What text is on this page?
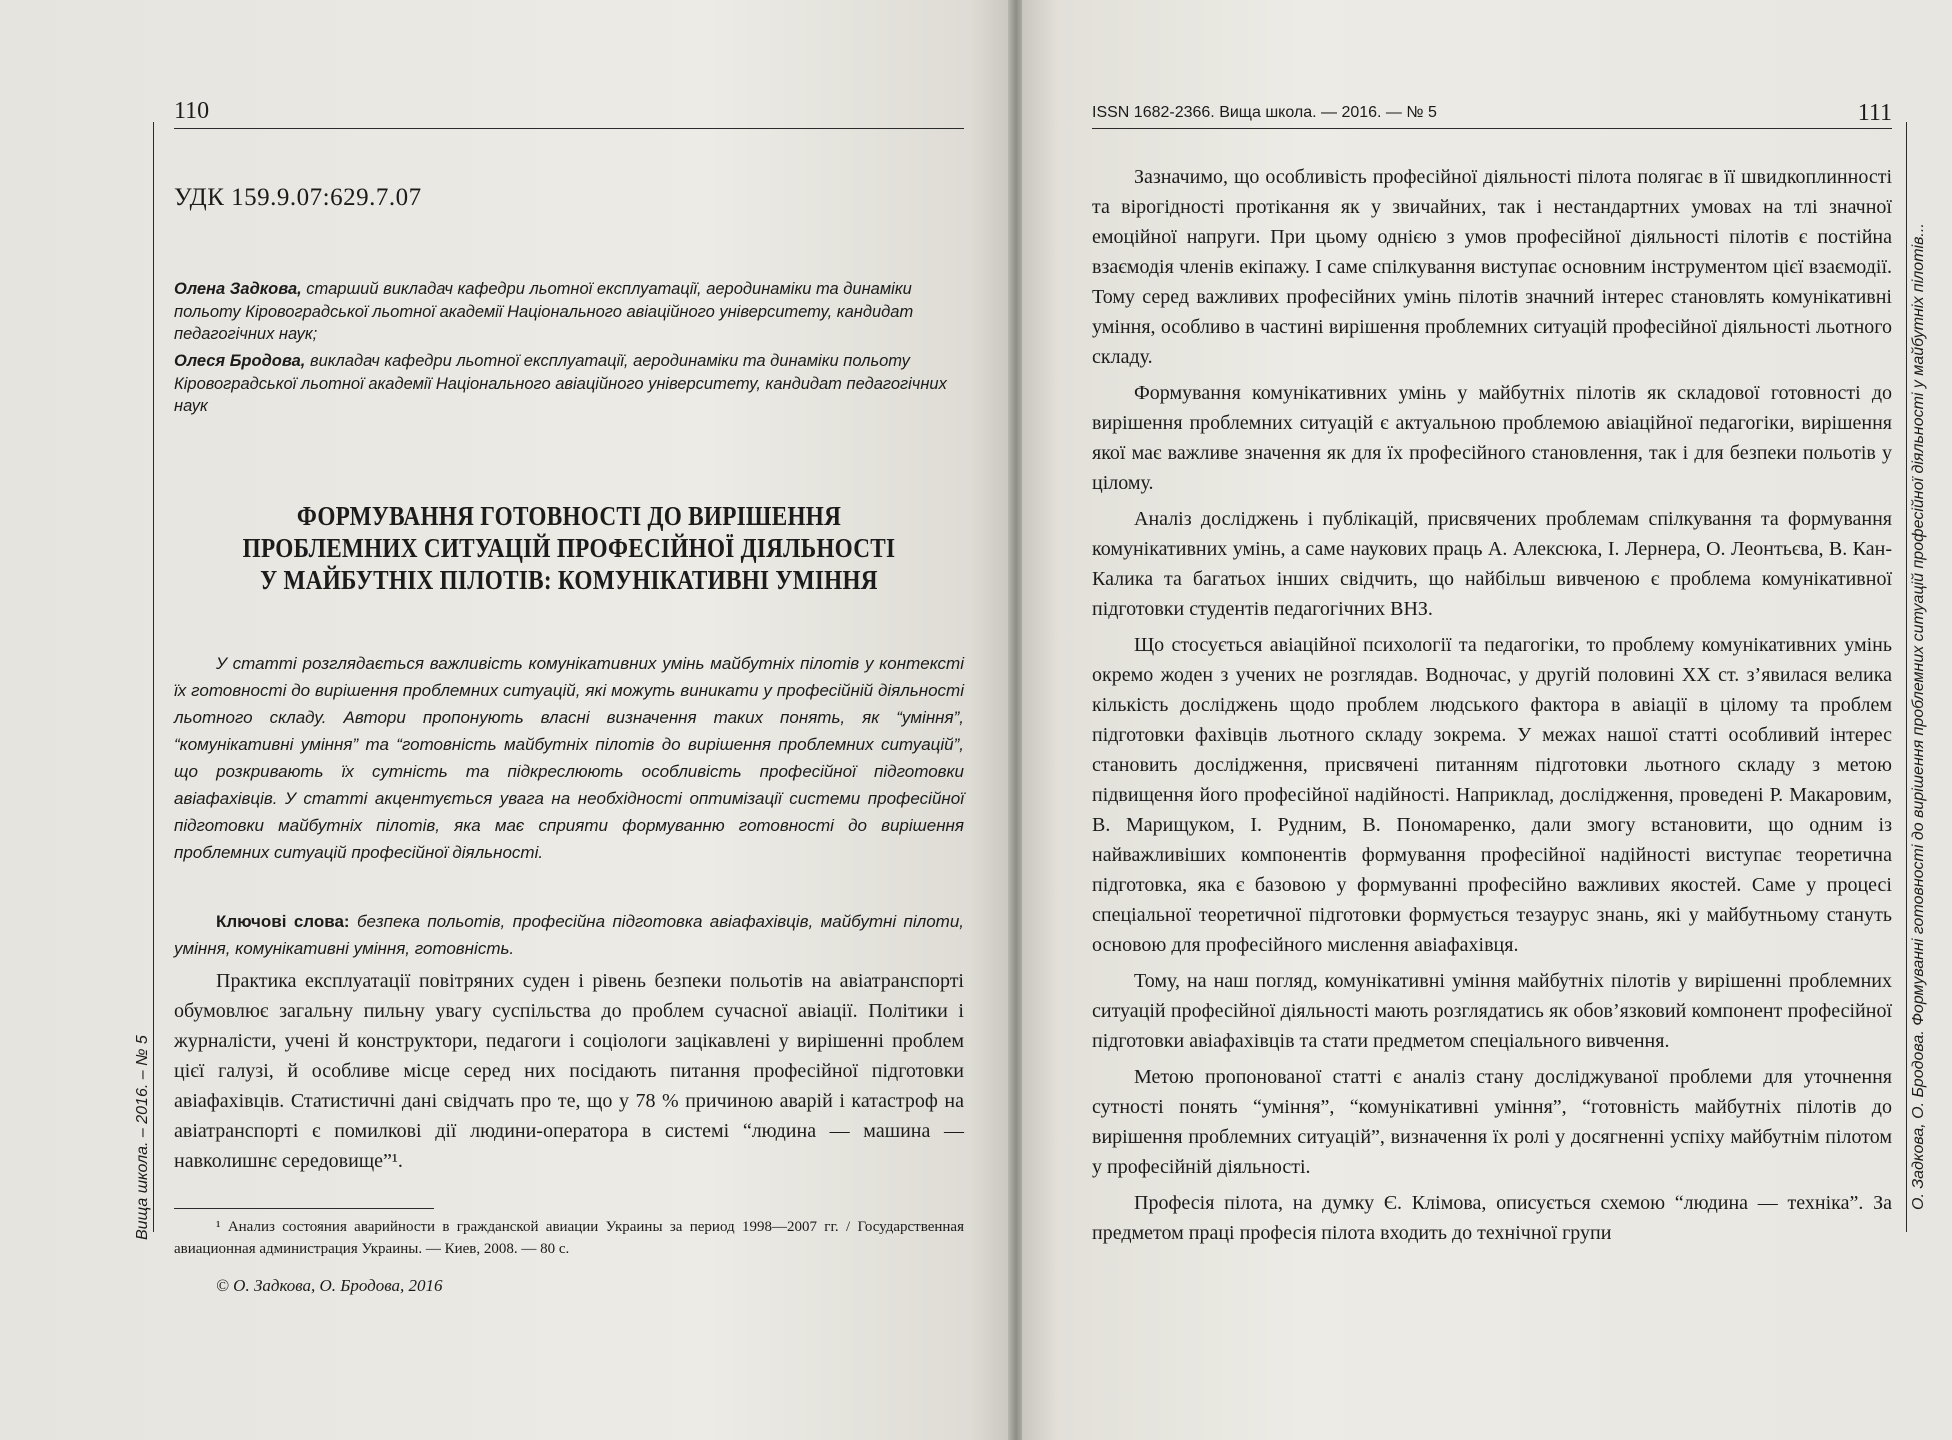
110
Вища школа. – 2016. – № 5
УДК 159.9.07:629.7.07
Олена Задкова, старший викладач кафедри льотної експлуатації, аеродинаміки та динаміки польоту Кіровоградської льотної академії Національного авіаційного університету, кандидат педагогічних наук;
Олеся Бродова, викладач кафедри льотної експлуатації, аеродинаміки та динаміки польоту Кіровоградської льотної академії Національного авіаційного університету, кандидат педагогічних наук
ФОРМУВАННЯ ГОТОВНОСТІ ДО ВИРІШЕННЯ
ПРОБЛЕМНИХ СИТУАЦІЙ ПРОФЕСІЙНОЇ ДІЯЛЬНОСТІ
У МАЙБУТНІХ ПІЛОТІВ: КОМУНІКАТИВНІ УМІННЯ
У статті розглядається важливість комунікативних умінь майбутніх пілотів у контексті їх готовності до вирішення проблемних ситуацій, які можуть виникати у професійній діяльності льотного складу. Автори пропонують власні визначення таких понять, як “уміння”, “комунікативні уміння” та “готовність майбутніх пілотів до вирішення проблемних ситуацій”, що розкривають їх сутність та підкреслюють особливість професійної підготовки авіафахівців. У статті акцентується увага на необхідності оптимізації системи професійної підготовки майбутніх пілотів, яка має сприяти формуванню готовності до вирішення проблемних ситуацій професійної діяльності.
Ключові слова: безпека польотів, професійна підготовка авіафахівців, майбутні пілоти, уміння, комунікативні уміння, готовність.

Практика експлуатації повітряних суден і рівень безпеки польотів на авіатранспорті обумовлює загальну пильну увагу суспільства до проблем сучасної авіації. Політики і журналісти, учені й конструктори, педагоги і соціологи зацікавлені у вирішенні проблем цієї галузі, й особливе місце серед них посідають питання професійної підготовки авіафахівців. Статистичні дані свідчать про те, що у 78 % причиною аварій і катастроф на авіатранспорті є помилкові дії людини-оператора в системі “людина — машина — навколишнє середовище”¹.

¹ Анализ состояния аварийности в гражданской авиации Украины за период 1998—2007 гг. / Государственная авиационная администрация Украины. — Киев, 2008. — 80 с.
© О. Задкова, О. Бродова, 2016
ISSN 1682-2366. Вища школа. — 2016. — № 5	111
О. Задкова, О. Бродова. Формуванні готовності до вирішення проблемних ситуацій професійної діяльності у майбутніх пілотів...

Зазначимо, що особливість професійної діяльності пілота полягає в її швидкоплинності та вірогідності протікання як у звичайних, так і нестандартних умовах на тлі значної емоційної напруги. При цьому однією з умов професійної діяльності пілотів є постійна взаємодія членів екіпажу. І саме спілкування виступає основним інструментом цієї взаємодії. Тому серед важливих професійних умінь пілотів значний інтерес становлять комунікативні уміння, особливо в частині вирішення проблемних ситуацій професійної діяльності льотного складу.

Формування комунікативних умінь у майбутніх пілотів як складової готовності до вирішення проблемних ситуацій є актуальною проблемою авіаційної педагогіки, вирішення якої має важливе значення як для їх професійного становлення, так і для безпеки польотів у цілому.

Аналіз досліджень і публікацій, присвячених проблемам спілкування та формування комунікативних умінь, а саме наукових праць А. Алексюка, І. Лернера, О. Леонтьєва, В. Кан-Калика та багатьох інших свідчить, що найбільш вивченою є проблема комунікативної підготовки студентів педагогічних ВНЗ.

Що стосується авіаційної психології та педагогіки, то проблему комунікативних умінь окремо жоден з учених не розглядав. Водночас, у другій половині XX ст. з’явилася велика кількість досліджень щодо проблем людського фактора в авіації в цілому та проблем підготовки фахівців льотного складу зокрема. У межах нашої статті особливий інтерес становить дослідження, присвячені питанням підготовки льотного складу з метою підвищення його професійної надійності. Наприклад, дослідження, проведені Р. Макаровим, В. Марищуком, І. Рудним, В. Пономаренко, дали змогу встановити, що одним із найважливіших компонентів формування професійної надійності виступає теоретична підготовка, яка є базовою у формуванні професійно важливих якостей. Саме у процесі спеціальної теоретичної підготовки формується тезаурус знань, які у майбутньому стануть основою для професійного мислення авіафахівця.

Тому, на наш погляд, комунікативні уміння майбутніх пілотів у вирішенні проблемних ситуацій професійної діяльності мають розглядатись як обов’язковий компонент професійної підготовки авіафахівців та стати предметом спеціального вивчення.

Метою пропонованої статті є аналіз стану досліджуваної проблеми для уточнення сутності понять “уміння”, “комунікативні уміння”, “готовність майбутніх пілотів до вирішення проблемних ситуацій”, визначення їх ролі у досягненні успіху майбутнім пілотом у професійній діяльності.

Професія пілота, на думку Є. Клімова, описується схемою “людина — техніка”. За предметом праці професія пілота входить до технічної групи
